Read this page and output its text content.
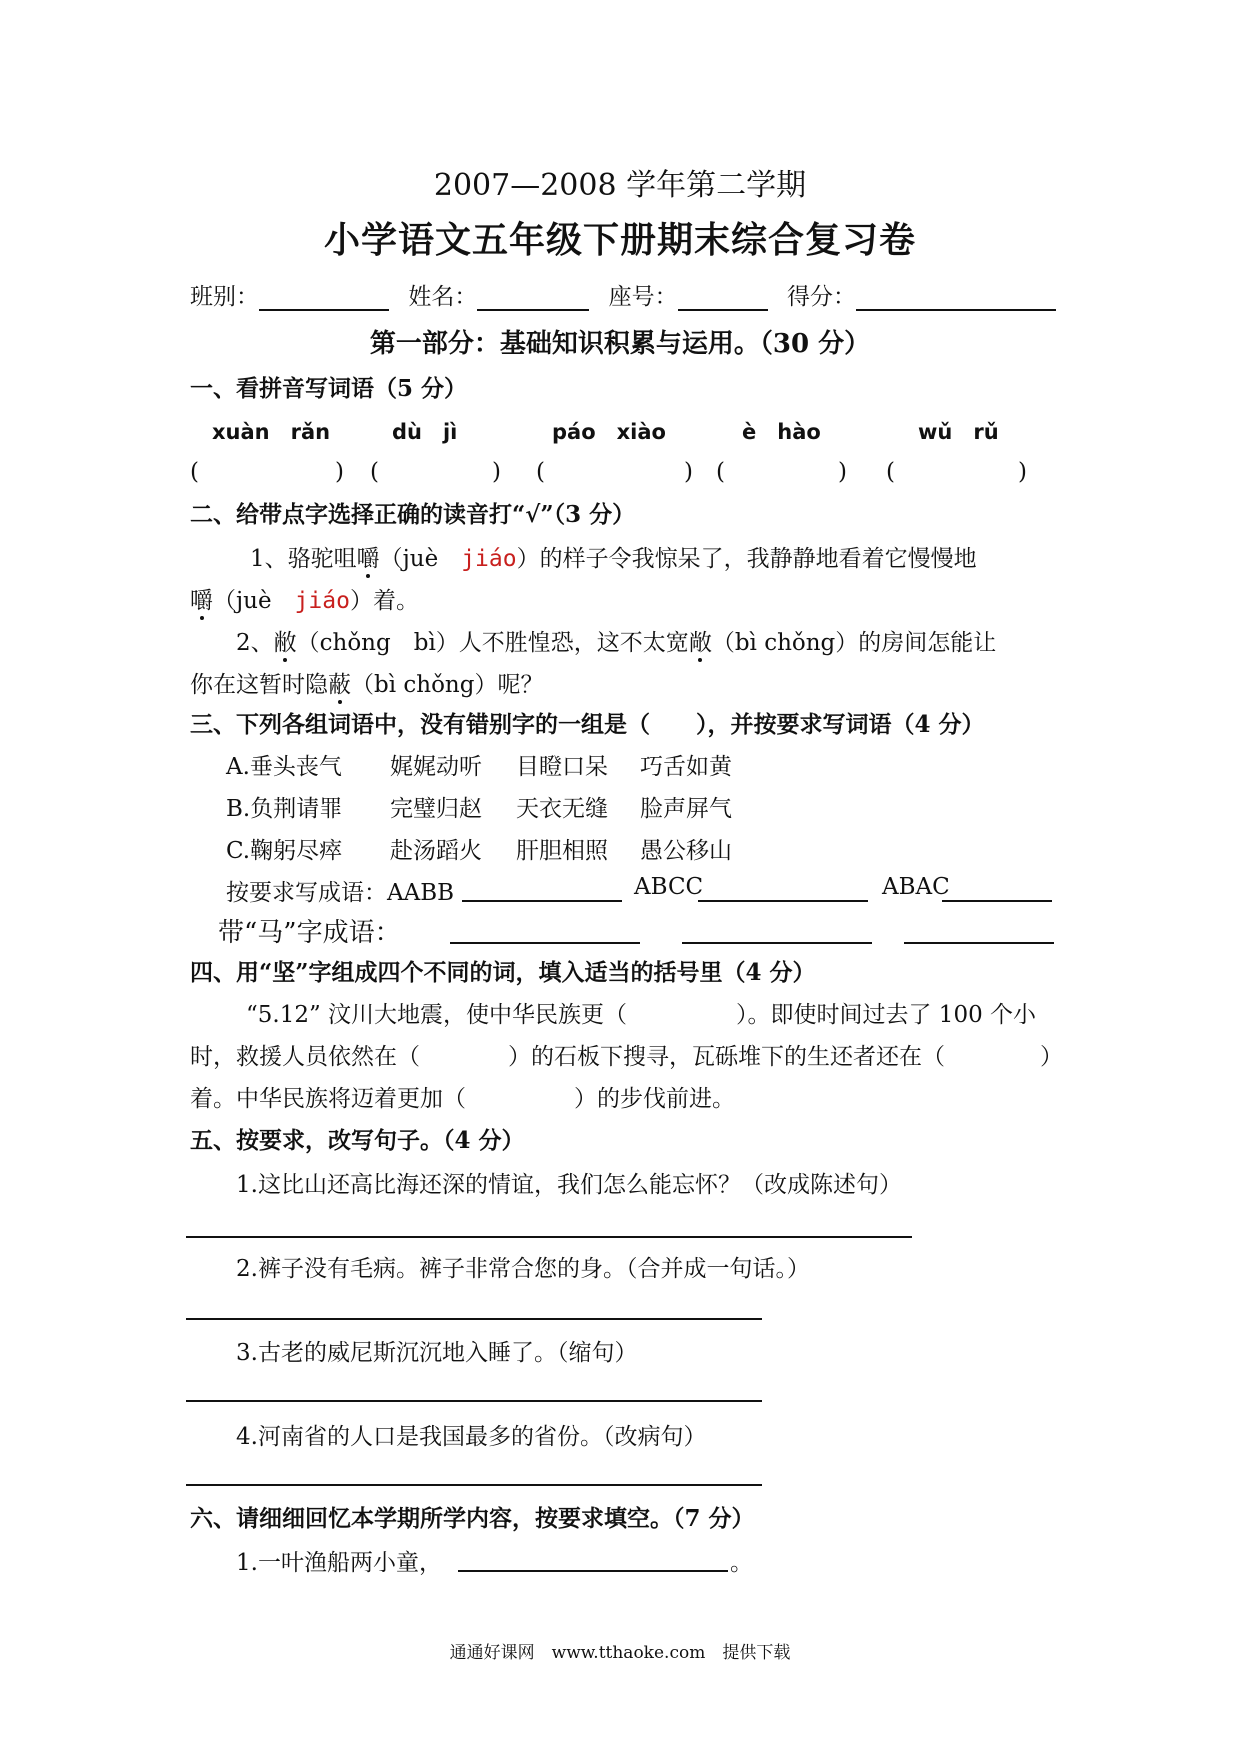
2007—2008 学年第二学期
小学语文五年级下册期末综合复习卷
班别：	姓名：	座号：	得分：
第一部分：基础知识积累与运用。（30 分）
一、看拼音写词语（5 分）
xuàn　rǎn	dù　jì	páo　xiào	è　hào	wǔ　rǔ
(	) (	) (	) (	) (	)
二、给带点字选择正确的读音打“√”（3 分）
1、骆驼咀嚼（juè　jiáo）的样子令我惊呆了，我静静地看着它慢慢地
嚼（juè　jiáo）着。
2、敝（chǒng　bì）人不胜惶恐，这不太宽敞（bì chǒng）的房间怎能让
你在这暂时隐蔽（bì chǒng）呢？
三、下列各组词语中，没有错别字的一组是（　　），并按要求写词语（4 分）
A.垂头丧气 娓娓动听 目瞪口呆 巧舌如黄
B.负荆请罪 完璧归赵 天衣无缝 脸声屏气
C.鞠躬尽瘁 赴汤蹈火 肝胆相照 愚公移山
按要求写成语：AABB	ABCC	ABAC
带“马”字成语：
四、用“坚”字组成四个不同的词，填入适当的括号里（4 分）
“5.12” 汶川大地震，使中华民族更（	）。即使时间过去了 100 个小
时，救援人员依然在（	）的石板下搜寻，瓦砾堆下的生还者还在（	）
着。中华民族将迈着更加（	）的步伐前进。
五、按要求，改写句子。（4 分）
1.这比山还高比海还深的情谊，我们怎么能忘怀？（改成陈述句）
2.裤子没有毛病。裤子非常合您的身。（合并成一句话。）
3.古老的威尼斯沉沉地入睡了。（缩句）
4.河南省的人口是我国最多的省份。（改病句）
六、请细细回忆本学期所学内容，按要求填空。（7 分）
1.一叶渔船两小童，	。
通通好课网　www.tthaoke.com　提供下载
